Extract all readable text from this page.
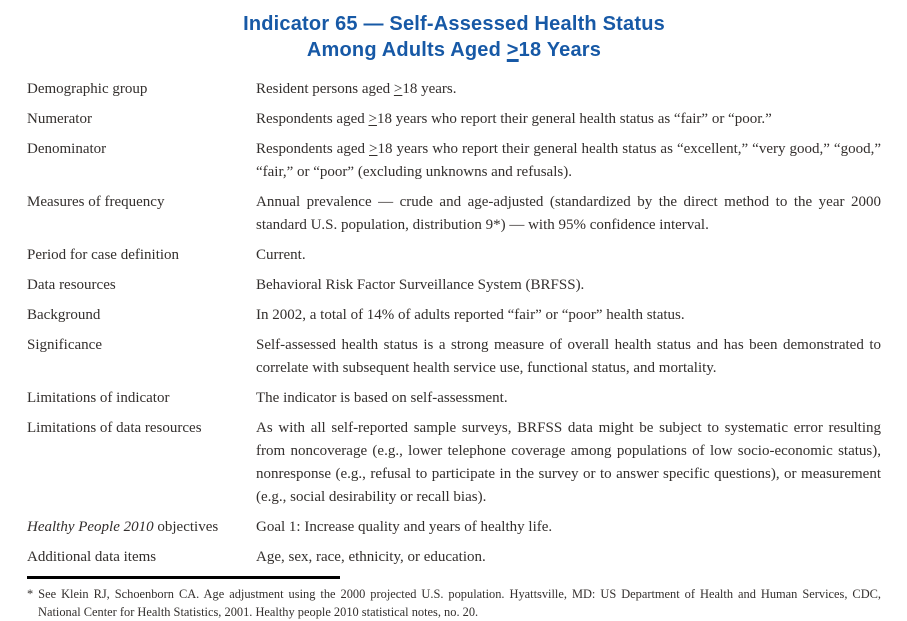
Indicator 65 — Self-Assessed Health Status
Among Adults Aged ≥18 Years
Demographic group	Resident persons aged ≥18 years.
Numerator	Respondents aged ≥18 years who report their general health status as “fair” or “poor.”
Denominator	Respondents aged ≥18 years who report their general health status as “excellent,” “very good,” “good,” “fair,” or “poor” (excluding unknowns and refusals).
Measures of frequency	Annual prevalence — crude and age-adjusted (standardized by the direct method to the year 2000 standard U.S. population, distribution 9*) — with 95% confidence interval.
Period for case definition	Current.
Data resources	Behavioral Risk Factor Surveillance System (BRFSS).
Background	In 2002, a total of 14% of adults reported “fair” or “poor” health status.
Significance	Self-assessed health status is a strong measure of overall health status and has been demonstrated to correlate with subsequent health service use, functional status, and mortality.
Limitations of indicator	The indicator is based on self-assessment.
Limitations of data resources	As with all self-reported sample surveys, BRFSS data might be subject to systematic error resulting from noncoverage (e.g., lower telephone coverage among populations of low socio-economic status), nonresponse (e.g., refusal to participate in the survey or to answer specific questions), or measurement (e.g., social desirability or recall bias).
Healthy People 2010 objectives	Goal 1: Increase quality and years of healthy life.
Additional data items	Age, sex, race, ethnicity, or education.
* See Klein RJ, Schoenborn CA. Age adjustment using the 2000 projected U.S. population. Hyattsville, MD: US Department of Health and Human Services, CDC, National Center for Health Statistics, 2001. Healthy people 2010 statistical notes, no. 20.
